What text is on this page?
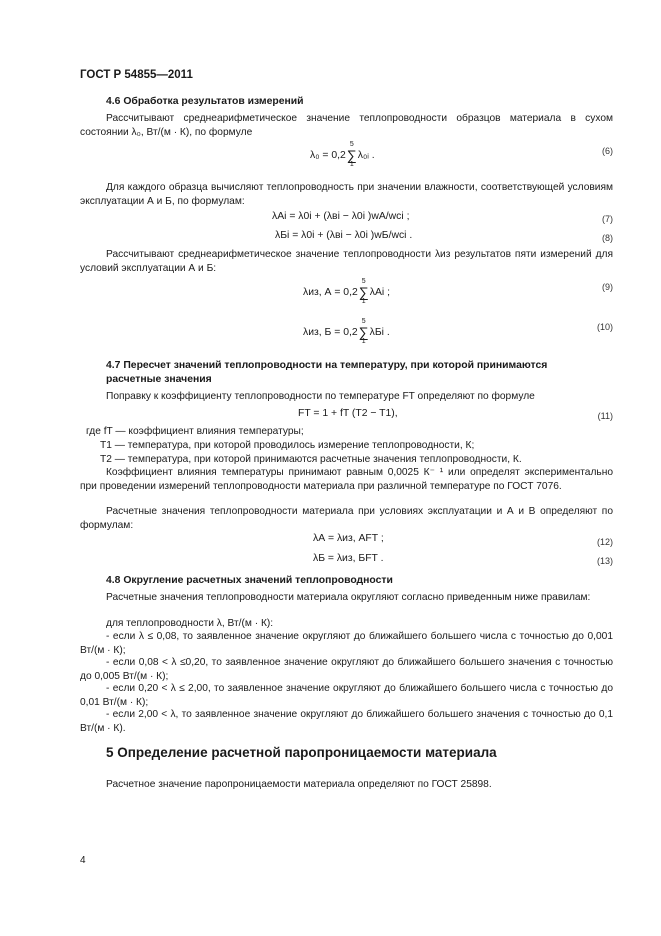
ГОСТ Р 54855—2011
4.6 Обработка результатов измерений
Рассчитывают среднеарифметическое значение теплопроводности образцов материала в сухом состоянии λ₀, Вт/(м · К), по формуле
λ₀ = 0,2
5
∑
1
λ₀ᵢ .	(6)
Для каждого образца вычисляют теплопроводность при значении влажности, соответствующей условиям эксплуатации А и Б, по формулам:
λАi = λ0i + (λвi − λ0i )wA/wci ;	(7)
λБi = λ0i + (λвi − λ0i )wБ/wci .	(8)
Рассчитывают среднеарифметическое значение теплопроводности λиз результатов пяти измерений для условий эксплуатации А и Б:
λиз, А = 0,2
5
∑
1
λAi ;	(9)
λиз, Б = 0,2
5
∑
1
λБi .	(10)
4.7 Пересчет значений теплопроводности на температуру, при которой принимаются
расчетные значения
Поправку к коэффициенту теплопроводности по температуре FT определяют по формуле
FT = 1 + fT (T2 − T1),	(11)
где fT — коэффициент влияния температуры;
T1 — температура, при которой проводилось измерение теплопроводности, К;
T2 — температура, при которой принимаются расчетные значения теплопроводности, К.
Коэффициент влияния температуры принимают равным 0,0025 К⁻ ¹ или определят экспериментально при проведении измерений теплопроводности материала при различной температуре по ГОСТ 7076.
Расчетные значения теплопроводности материала при условиях эксплуатации и А и В определяют по формулам:
λА = λиз, АFT ;	(12)
λБ = λиз, БFT .	(13)
4.8 Округление расчетных значений теплопроводности
Расчетные значения теплопроводности материала округляют согласно приведенным ниже правилам:
для теплопроводности λ, Вт/(м · К):
- если λ ≤ 0,08, то заявленное значение округляют до ближайшего большего числа с точностью до 0,001 Вт/(м · К);
- если 0,08 < λ ≤0,20, то заявленное значение округляют до ближайшего большего значения с точностью до 0,005 Вт/(м · К);
- если 0,20 < λ ≤ 2,00, то заявленное значение округляют до ближайшего большего числа с точностью до 0,01 Вт/(м · К);
- если 2,00 < λ, то заявленное значение округляют до ближайшего большего значения с точностью до 0,1 Вт/(м · К).
5 Определение расчетной паропроницаемости материала
Расчетное значение паропроницаемости материала определяют по ГОСТ 25898.
4
